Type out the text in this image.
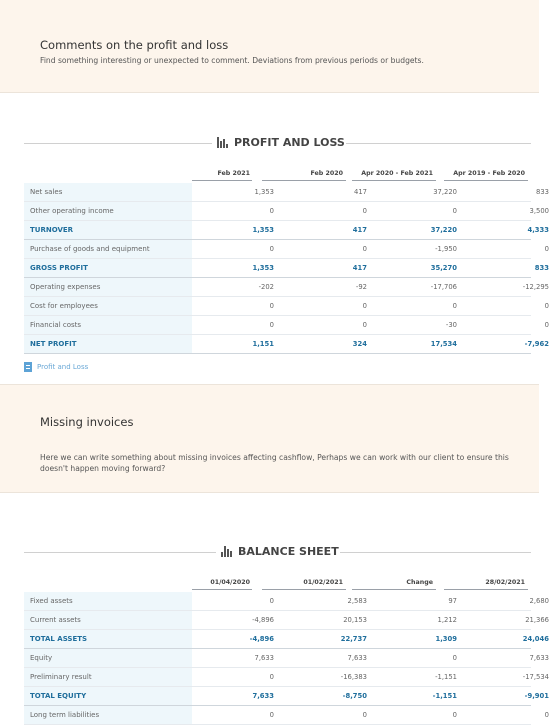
Comments on the profit and loss
Find something interesting or unexpected to comment. Deviations from previous periods or budgets.
PROFIT AND LOSS
Feb 2021	Feb 2020	Apr 2020 - Feb 2021	Apr 2019 - Feb 2020
Net sales	1,353	417	37,220	833
Other operating income	0	0	0	3,500
TURNOVER	1,353	417	37,220	4,333
Purchase of goods and equipment	0	0	-1,950	0
GROSS PROFIT	1,353	417	35,270	833
Operating expenses	-202	-92	-17,706	-12,295
Cost for employees	0	0	0	0
Financial costs	0	0	-30	0
NET PROFIT	1,151	324	17,534	-7,962
Profit and Loss
Missing invoices
Here we can write something about missing invoices affecting cashflow, Perhaps we can work with our client to ensure this doesn't happen moving forward?
BALANCE SHEET
01/04/2020	01/02/2021	Change	28/02/2021
Fixed assets	0	2,583	97	2,680
Current assets	-4,896	20,153	1,212	21,366
TOTAL ASSETS	-4,896	22,737	1,309	24,046
Equity	7,633	7,633	0	7,633
Preliminary result	0	-16,383	-1,151	-17,534
TOTAL EQUITY	7,633	-8,750	-1,151	-9,901
Long term liabilities	0	0	0	0
